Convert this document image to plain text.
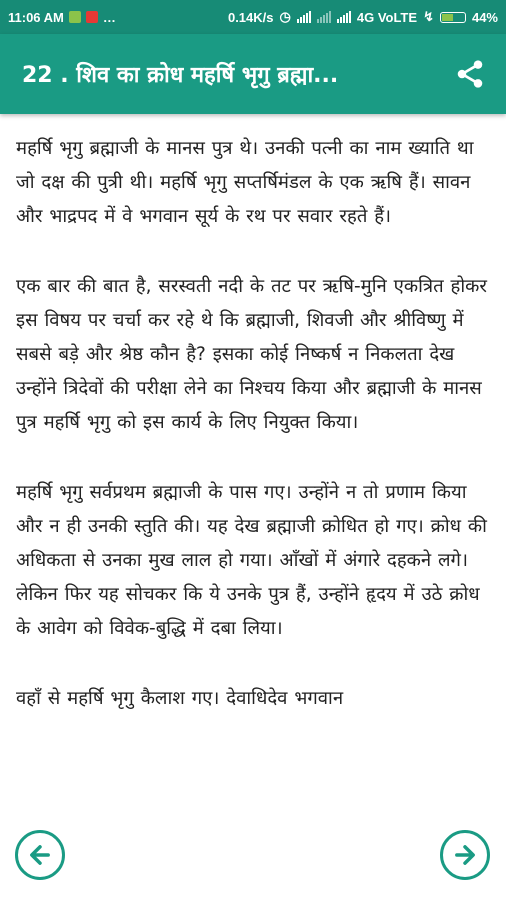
11:06 AM	…	0.14K/s ◷	4G VoLTE ↯	44%
22 . शिव का क्रोध महर्षि भृगु ब्रह्मा...

महर्षि भृगु ब्रह्माजी के मानस पुत्र थे। उनकी पत्नी का नाम ख्याति था जो दक्ष की पुत्री थी। महर्षि भृगु सप्तर्षिमंडल के एक ऋषि हैं। सावन और भाद्रपद में वे भगवान सूर्य के रथ पर सवार रहते हैं।

एक बार की बात है, सरस्वती नदी के तट पर ऋषि-मुनि एकत्रित होकर इस विषय पर चर्चा कर रहे थे कि ब्रह्माजी, शिवजी और श्रीविष्णु में सबसे बड़े और श्रेष्ठ कौन है? इसका कोई निष्कर्ष न निकलता देख उन्होंने त्रिदेवों की परीक्षा लेने का निश्चय किया और ब्रह्माजी के मानस पुत्र महर्षि भृगु को इस कार्य के लिए नियुक्त किया।

महर्षि भृगु सर्वप्रथम ब्रह्माजी के पास गए। उन्होंने न तो प्रणाम किया और न ही उनकी स्तुति की। यह देख ब्रह्माजी क्रोधित हो गए। क्रोध की अधिकता से उनका मुख लाल हो गया। आँखों में अंगारे दहकने लगे। लेकिन फिर यह सोचकर कि ये उनके पुत्र हैं, उन्होंने हृदय में उठे क्रोध के आवेग को विवेक-बुद्धि में दबा लिया।

वहाँ से महर्षि भृगु कैलाश गए। देवाधिदेव भगवान
